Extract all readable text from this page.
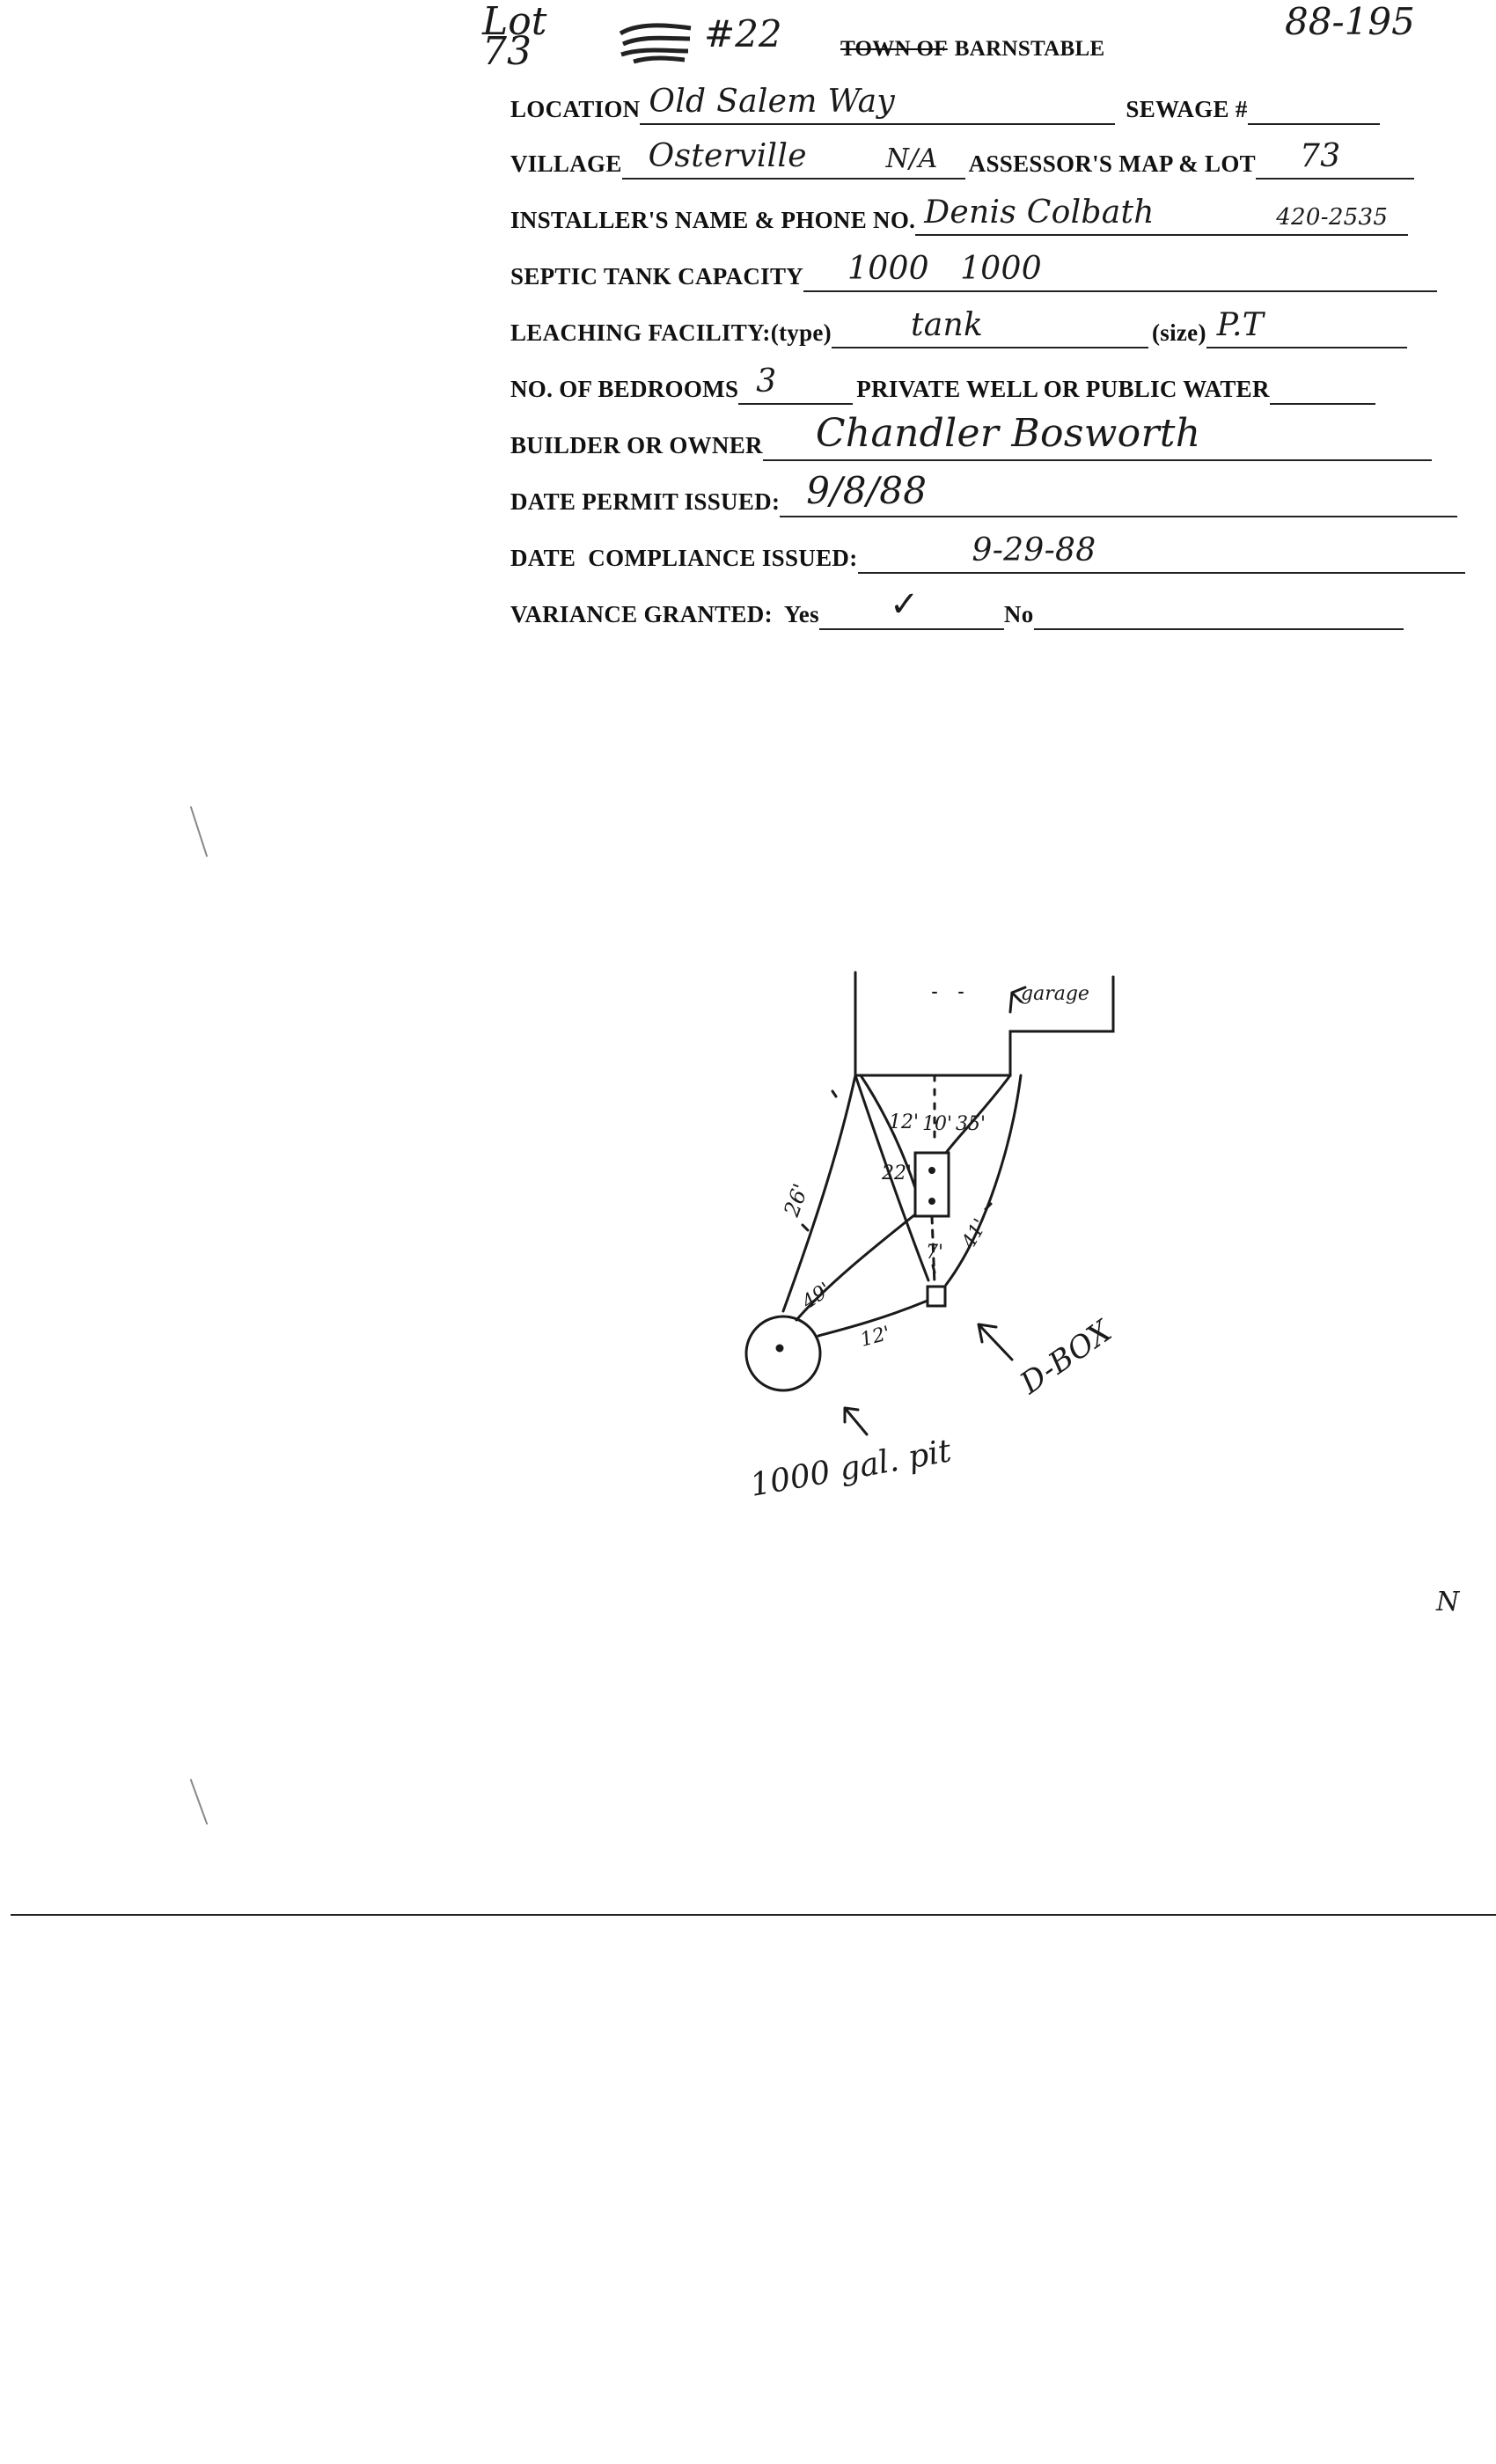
Lot 73	#22	88-195
TOWN OF BARNSTABLE
LOCATION Old Salem Way	SEWAGE #
VILLAGE Osterville	N/A ASSESSOR'S MAP & LOT 73
INSTALLER'S NAME & PHONE NO. Denis Colbath	420-2535
SEPTIC TANK CAPACITY 1000   1000
LEACHING FACILITY:(type)	tank	(size) P.T
NO. OF BEDROOMS 3	PRIVATE WELL OR PUBLIC WATER
BUILDER OR OWNER Chandler Bosworth
DATE PERMIT ISSUED: 9/8/88
DATE  COMPLIANCE ISSUED:	9-29-88
VARIANCE GRANTED:  Yes ✓	No
garage
12' 10' 35'
22'
26'
49'
7'
41'
12'	D-BOX
1000 gal. pit
N
